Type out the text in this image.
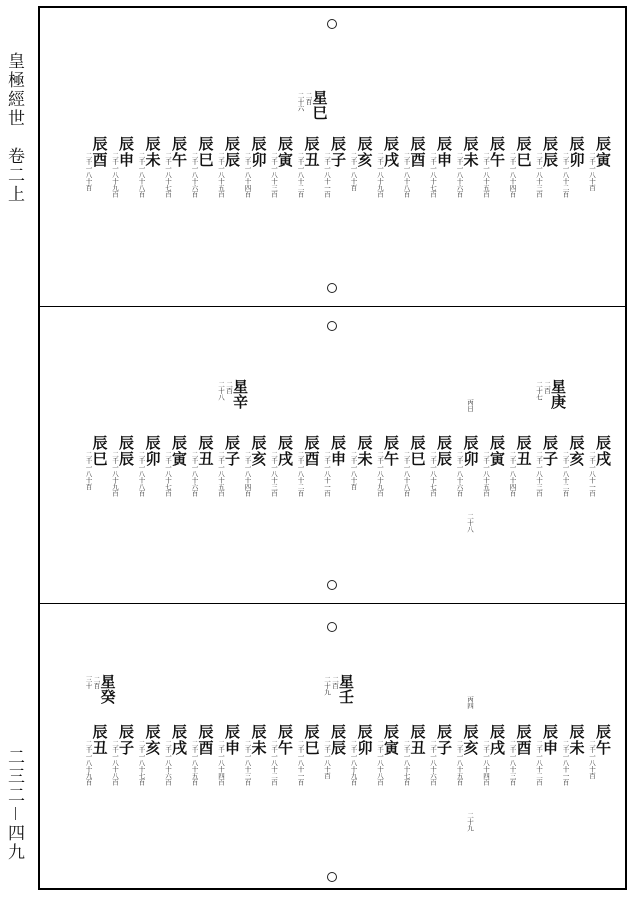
皇極經世　卷二上
二三二－四九
辰寅
二千一八十百
辰卯
二千一八十二百
辰辰
二千一八十三百
辰巳
二千一八十四百
辰午
二千一八十五百
辰未
二千一八十六百
辰申
二千一八十七百
辰酉
二千一八十八百
辰戌
二千一八十九百
辰亥
二千一八十百
辰子
二千一八十一百
辰丑
二千一八十二百
辰寅
二千一八十三百
辰卯
二千一八十四百
辰辰
二千一八十五百
辰巳
二千一八十六百
辰午
二千一八十七百
辰未
二千一八十八百
辰申
二千一八十九百
辰酉
二千一八十百
星巳
二百
二十六
辰戌
二千一八十一百
辰亥
二千一八十二百
辰子
二千一八十三百
辰丑
二千一八十四百
辰寅
二千一八十五百
辰卯
二千一八十六百
辰辰
二千一八十七百
辰巳
二千一八十八百
辰午
二千一八十九百
辰未
二千一八十百
辰申
二千一八十一百
辰酉
二千一八十二百
辰戌
二千一八十三百
辰亥
二千一八十四百
辰子
二千一八十五百
辰丑
二千一八十六百
辰寅
二千一八十七百
辰卯
二千一八十八百
辰辰
二千一八十九百
辰巳
二千一八十百
星庚
二百
二十七
星辛
二百
二十八
丙日
二十八
辰午
二千一八十百
辰未
二千一八十一百
辰申
二千一八十二百
辰酉
二千一八十三百
辰戌
二千一八十四百
辰亥
二千一八十五百
辰子
二千一八十六百
辰丑
二千一八十七百
辰寅
二千一八十八百
辰卯
二千一八十九百
辰辰
二千一八十百
辰巳
二千一八十一百
辰午
二千一八十二百
辰未
二千一八十三百
辰申
二千一八十四百
辰酉
二千一八十五百
辰戌
二千一八十六百
辰亥
二千一八十七百
辰子
二千一八十八百
辰丑
二千一八十九百
星壬
二百
二十九
星癸
二百
三十
丙四
二十九
